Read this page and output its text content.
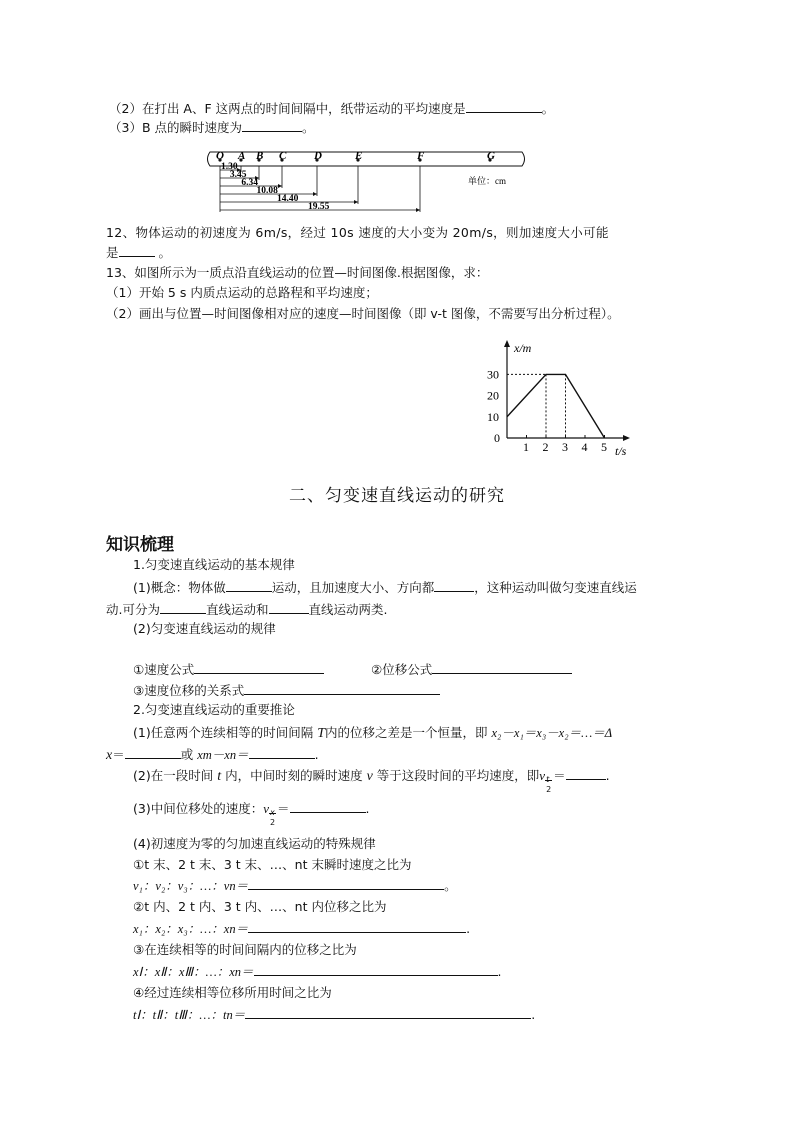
（2）在打出 A、F 这两点的时间间隔中，纸带运动的平均速度是	。
（3）B 点的瞬时速度为	。
O A B C	D	E	F	G
1.30
3.45
6.34
10.08
14.40
19.55
单位：cm
12、物体运动的初速度为 6m/s，经过 10s 速度的大小变为 20m/s，则加速度大小可能
是	。
13、如图所示为一质点沿直线运动的位置—时间图像.根据图像，求：
（1）开始 5 s 内质点运动的总路程和平均速度；
（2）画出与位置—时间图像相对应的速度—时间图像（即 v-t 图像，不需要写出分析过程）。
x/m
t/s
1 2 3 4 5
0
10
20
30
二、匀变速直线运动的研究
知识梳理
1.匀变速直线运动的基本规律
(1)概念：物体做	运动，且加速度大小、方向都	，这种运动叫做匀变速直线运
动.可分为	直线运动和	直线运动两类.
(2)匀变速直线运动的规律
①速度公式	②位移公式
③速度位移的关系式
2.匀变速直线运动的重要推论
(1)任意两个连续相等的时间间隔 T内的位移之差是一个恒量，即 x₂－x₁＝x₃－x₂＝…＝Δ
x＝	或 xm－xn＝	.
(2)在一段时间 t 内，中间时刻的瞬时速度 v 等于这段时间的平均速度，即v t
2
＝	.
(3)中间位移处的速度：v x
2
＝	.
(4)初速度为零的匀加速直线运动的特殊规律
①t 末、2 t 末、3 t 末、…、nt 末瞬时速度之比为
v₁：v₂：v₃：…：vn＝	。
②t 内、2 t 内、3 t 内、…、nt 内位移之比为
x₁：x₂：x₃：…：xn＝	.
③在连续相等的时间间隔内的位移之比为
xⅠ：xⅡ：xⅢ：…：xn＝	.
④经过连续相等位移所用时间之比为
tⅠ：tⅡ：tⅢ：…：tn＝	.
